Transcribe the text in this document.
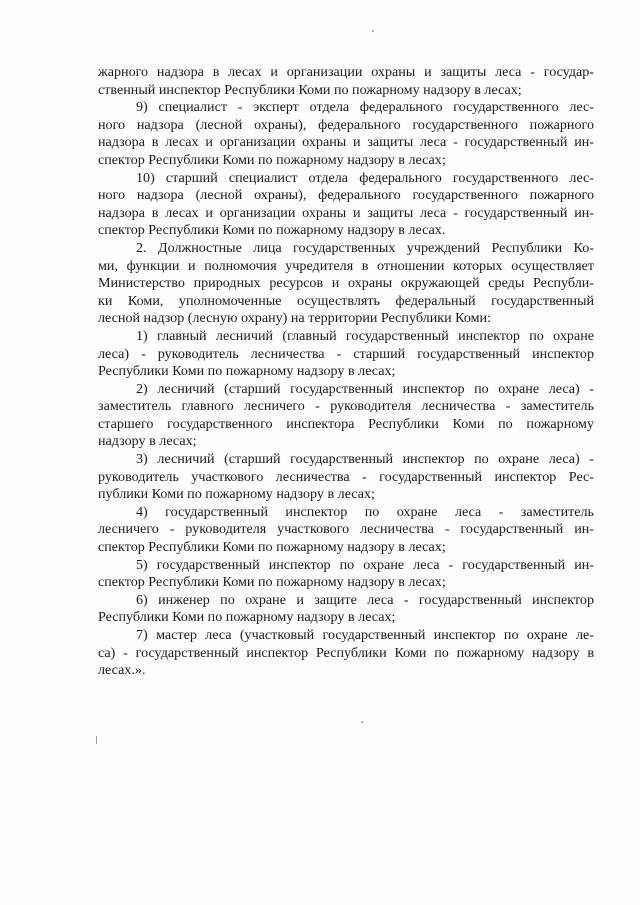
жарного надзора в лесах и организации охраны и защиты леса - государ-
ственный инспектор Республики Коми по пожарному надзору в лесах;
9) специалист - эксперт отдела федерального государственного лес-
ного надзора (лесной охраны), федерального государственного пожарного
надзора в лесах и организации охраны и защиты леса - государственный ин-
спектор Республики Коми по пожарному надзору в лесах;
10) старший специалист отдела федерального государственного лес-
ного надзора (лесной охраны), федерального государственного пожарного
надзора в лесах и организации охраны и защиты леса - государственный ин-
спектор Республики Коми по пожарному надзору в лесах.
2. Должностные лица государственных учреждений Республики Ко-
ми, функции и полномочия учредителя в отношении которых осуществляет
Министерство природных ресурсов и охраны окружающей среды Республи-
ки Коми, уполномоченные осуществлять федеральный государственный
лесной надзор (лесную охрану) на территории Республики Коми:
1) главный лесничий (главный государственный инспектор по охране
леса) - руководитель лесничества - старший государственный инспектор
Республики Коми по пожарному надзору в лесах;
2) лесничий (старший государственный инспектор по охране леса) -
заместитель главного лесничего - руководителя лесничества - заместитель
старшего государственного инспектора Республики Коми по пожарному
надзору в лесах;
3) лесничий (старший государственный инспектор по охране леса) -
руководитель участкового лесничества - государственный инспектор Рес-
публики Коми по пожарному надзору в лесах;
4) государственный инспектор по охране леса - заместитель
лесничего - руководителя участкового лесничества - государственный ин-
спектор Республики Коми по пожарному надзору в лесах;
5) государственный инспектор по охране леса - государственный ин-
спектор Республики Коми по пожарному надзору в лесах;
6) инженер по охране и защите леса - государственный инспектор
Республики Коми по пожарному надзору в лесах;
7) мастер леса (участковый государственный инспектор по охране ле-
са) - государственный инспектор Республики Коми по пожарному надзору в
лесах.».
